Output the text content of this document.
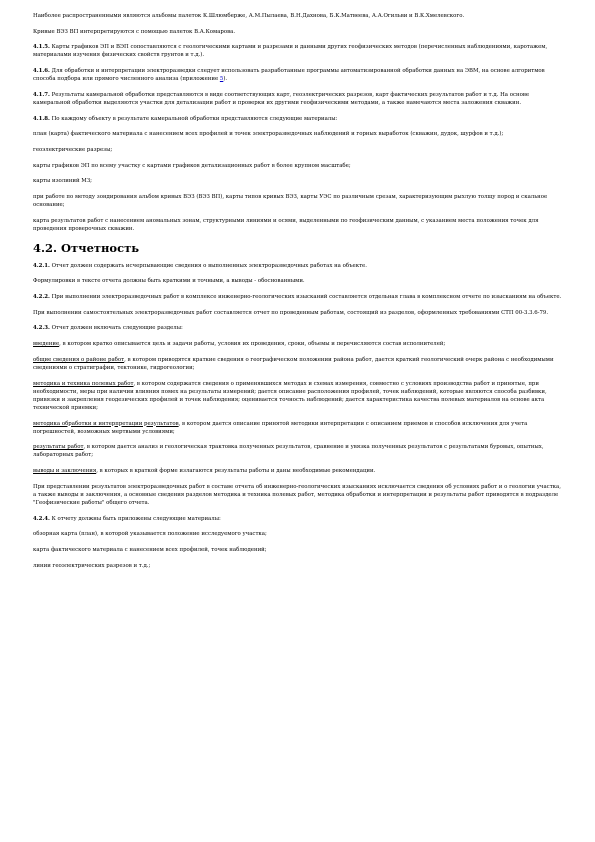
Наиболее распространенными являются альбомы палеток К.Шлюмберже, А.М.Пылаева, В.Н.Дахнова, Б.К.Матвеева, А.А.Огильви и В.К.Хмелевского.

Кривые ВЭЗ ВП интерпретируются с помощью палеток В.А.Комарова.

4.1.5. Карты графиков ЭП и ВЭП сопоставляются с геологическими картами и разрезами и данными других геофизических методов (перечисленных наблюдениями, каротажем, материалами изучения физических свойств грунтов и т.д.).

4.1.6. Для обработки и интерпретации электроразведки следует использовать разработанные программы автоматизированной обработки данных на ЭВМ, на основе алгоритмов способа подбора или прямого численного анализа (приложение 5).

4.1.7. Результаты камеральной обработки представляются в виде соответствующих карт, геоэлектрических разрезов, карт фактических результатов работ и т.д. На основе камеральной обработки выделяются участки для детализации работ и проверки их другими геофизическими методами, а также намечаются места заложения скважин.

4.1.8. По каждому объекту в результате камеральной обработки представляются следующие материалы:

план (карта) фактического материала с нанесением всех профилей и точек электроразведочных наблюдений и горных выработок (скважин, дудок, шурфов и т.д.);

геоэлектрические разрезы;

карты графиков ЭП по всему участку с картами графиков детализационных работ в более крупном масштабе;

карты изолиний МЗ;

при работе по методу зондирования альбом кривых ВЭЗ (ВЭЗ ВП), карты типов кривых ВЭЗ, карты УЭС по различным срезам, характеризующим рыхлую толщу пород и скальное основание;

карта результатов работ с нанесением аномальных зонам, структурными линиями и осями, выделенными по геофизическим данным, с указанием места положения точек для проведения проверочных скважин.

4.2. Отчетность

4.2.1. Отчет должен содержать исчерпывающие сведения о выполненных электроразведочных работах на объекте.

Формулировки в тексте отчета должны быть краткими и точными, а выводы - обоснованными.

4.2.2. При выполнении электроразведочных работ в комплексе инженерно-геологических изысканий составляется отдельная глава в комплексном отчете по изысканиям на объекте.

При выполнении самостоятельных электроразведочных работ составляется отчет по проведенным работам, состоящий из разделов, оформленных требованиями СТП 00-3.3.6-79.

4.2.3. Отчет должен включать следующие разделы:

введение, в котором кратко описывается цель и задачи работы, условия их проведения, сроки, объемы и перечисляются состав исполнителей;

общие сведения о районе работ, в котором приводятся краткие сведения о географическом положении района работ, дается краткий геологический очерк района с необходимыми сведениями о стратиграфии, тектонике, гидрогеологии;

методика и техника полевых работ, в котором содержатся сведения о применявшихся методах и схемах измерения, совместно с условиях производства работ и принятые, при необходимости, меры при наличии влияния помех на результаты измерений; дается описание расположения профилей, точек наблюдений, которые являются способа разбивки, привязки и закрепления геодезических профилей и точек наблюдения; оценивается точность наблюдений; дается характеристика качества полевых материалов на основе акта технической приемки;

методика обработки и интерпретации результатов, в котором дается описание принятой методики интерпретации с описанием приемов и способов исключения для учета погрешностей, возможных мертвыми условиями;

результаты работ, в котором дается анализ и геологическая трактовка полученных результатов, сравнение и увязка полученных результатов с результатами буровых, опытных, лабораторных работ;

выводы и заключения, в которых в краткой форме излагаются результаты работы и даны необходимые рекомендации.

При представлении результатов электроразведочных работ в составе отчета об инженерно-геологических изысканиях исключается сведения об условиях работ и о геологии участка, а также выводы и заключения, а основные сведения разделов методика и техника полевых работ, методика обработки и интерпретации и результаты работ приводятся в подразделе "Геофизические работы" общего отчета.

4.2.4. К отчету должны быть приложены следующие материалы:

обзорная карта (план), в которой указывается положение исследуемого участка;

карта фактического материала с нанесением всех профилей, точек наблюдений;

линии геоэлектрических разрезов и т.д.;
